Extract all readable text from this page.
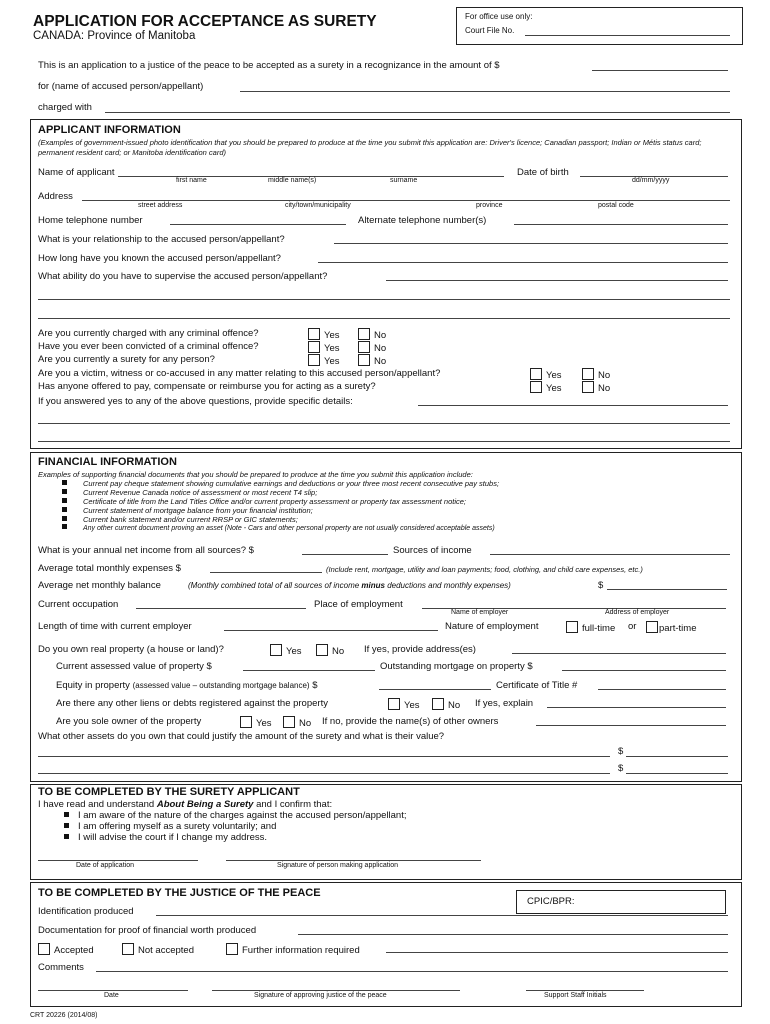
APPLICATION FOR ACCEPTANCE AS SURETY
CANADA: Province of Manitoba
For office use only:
Court File No.
This is an application to a justice of the peace to be accepted as a surety in a recognizance in the amount of $
for (name of accused person/appellant)
charged with
APPLICANT INFORMATION
(Examples of government-issued photo identification that you should be prepared to produce at the time you submit this application are: Driver's licence; Canadian passport; Indian or Métis status card; permanent resident card; or Manitoba identification card)
Name of applicant	Date of birth
first name	middle name(s)	surname	dd/mm/yyyy
Address
street address	city/town/municipality	province	postal code
Home telephone number	Alternate telephone number(s)
What is your relationship to the accused person/appellant?
How long have you known the accused person/appellant?
What ability do you have to supervise the accused person/appellant?
Are you currently charged with any criminal offence?	Yes	No
Have you ever been convicted of a criminal offence?	Yes	No
Are you currently a surety for any person?	Yes	No
Are you a victim, witness or co-accused in any matter relating to this accused person/appellant?	Yes	No
Has anyone offered to pay, compensate or reimburse you for acting as a surety?	Yes	No
If you answered yes to any of the above questions, provide specific details:
FINANCIAL INFORMATION
Examples of supporting financial documents that you should be prepared to produce at the time you submit this application include:
Current pay cheque statement showing cumulative earnings and deductions or your three most recent consecutive pay stubs;
Current Revenue Canada notice of assessment or most recent T4 slip;
Certificate of title from the Land Titles Office and/or current property assessment or property tax assessment notice;
Current statement of mortgage balance from your financial institution;
Current bank statement and/or current RRSP or GIC statements;
Any other current document proving an asset (Note - Cars and other personal property are not usually considered acceptable assets)
What is your annual net income from all sources? $	Sources of income
Average total monthly expenses $	(Include rent, mortgage, utility and loan payments; food, clothing, and child care expenses, etc.)
Average net monthly balance	(Monthly combined total of all sources of income minus deductions and monthly expenses)	$
Current occupation	Place of employment
Name of employer	Address of employer
Length of time with current employer	Nature of employment	full-time or	part-time
Do you own real property (a house or land)?	Yes	No If yes, provide address(es)
Current assessed value of property $	Outstanding mortgage on property $
Equity in property (assessed value – outstanding mortgage balance) $	Certificate of Title #
Are there any other liens or debts registered against the property	Yes	No If yes, explain
Are you sole owner of the property	Yes	No If no, provide the name(s) of other owners
What other assets do you own that could justify the amount of the surety and what is their value?
$
$
TO BE COMPLETED BY THE SURETY APPLICANT
I have read and understand About Being a Surety and I confirm that:
I am aware of the nature of the charges against the accused person/appellant;
I am offering myself as a surety voluntarily; and
I will advise the court if I change my address.
Date of application	Signature of person making application
TO BE COMPLETED BY THE JUSTICE OF THE PEACE
CPIC/BPR:
Identification produced
Documentation for proof of financial worth produced
Accepted	Not accepted	Further information required
Comments
Date	Signature of approving justice of the peace	Support Staff Initials
CRT 20226 (2014/08)
